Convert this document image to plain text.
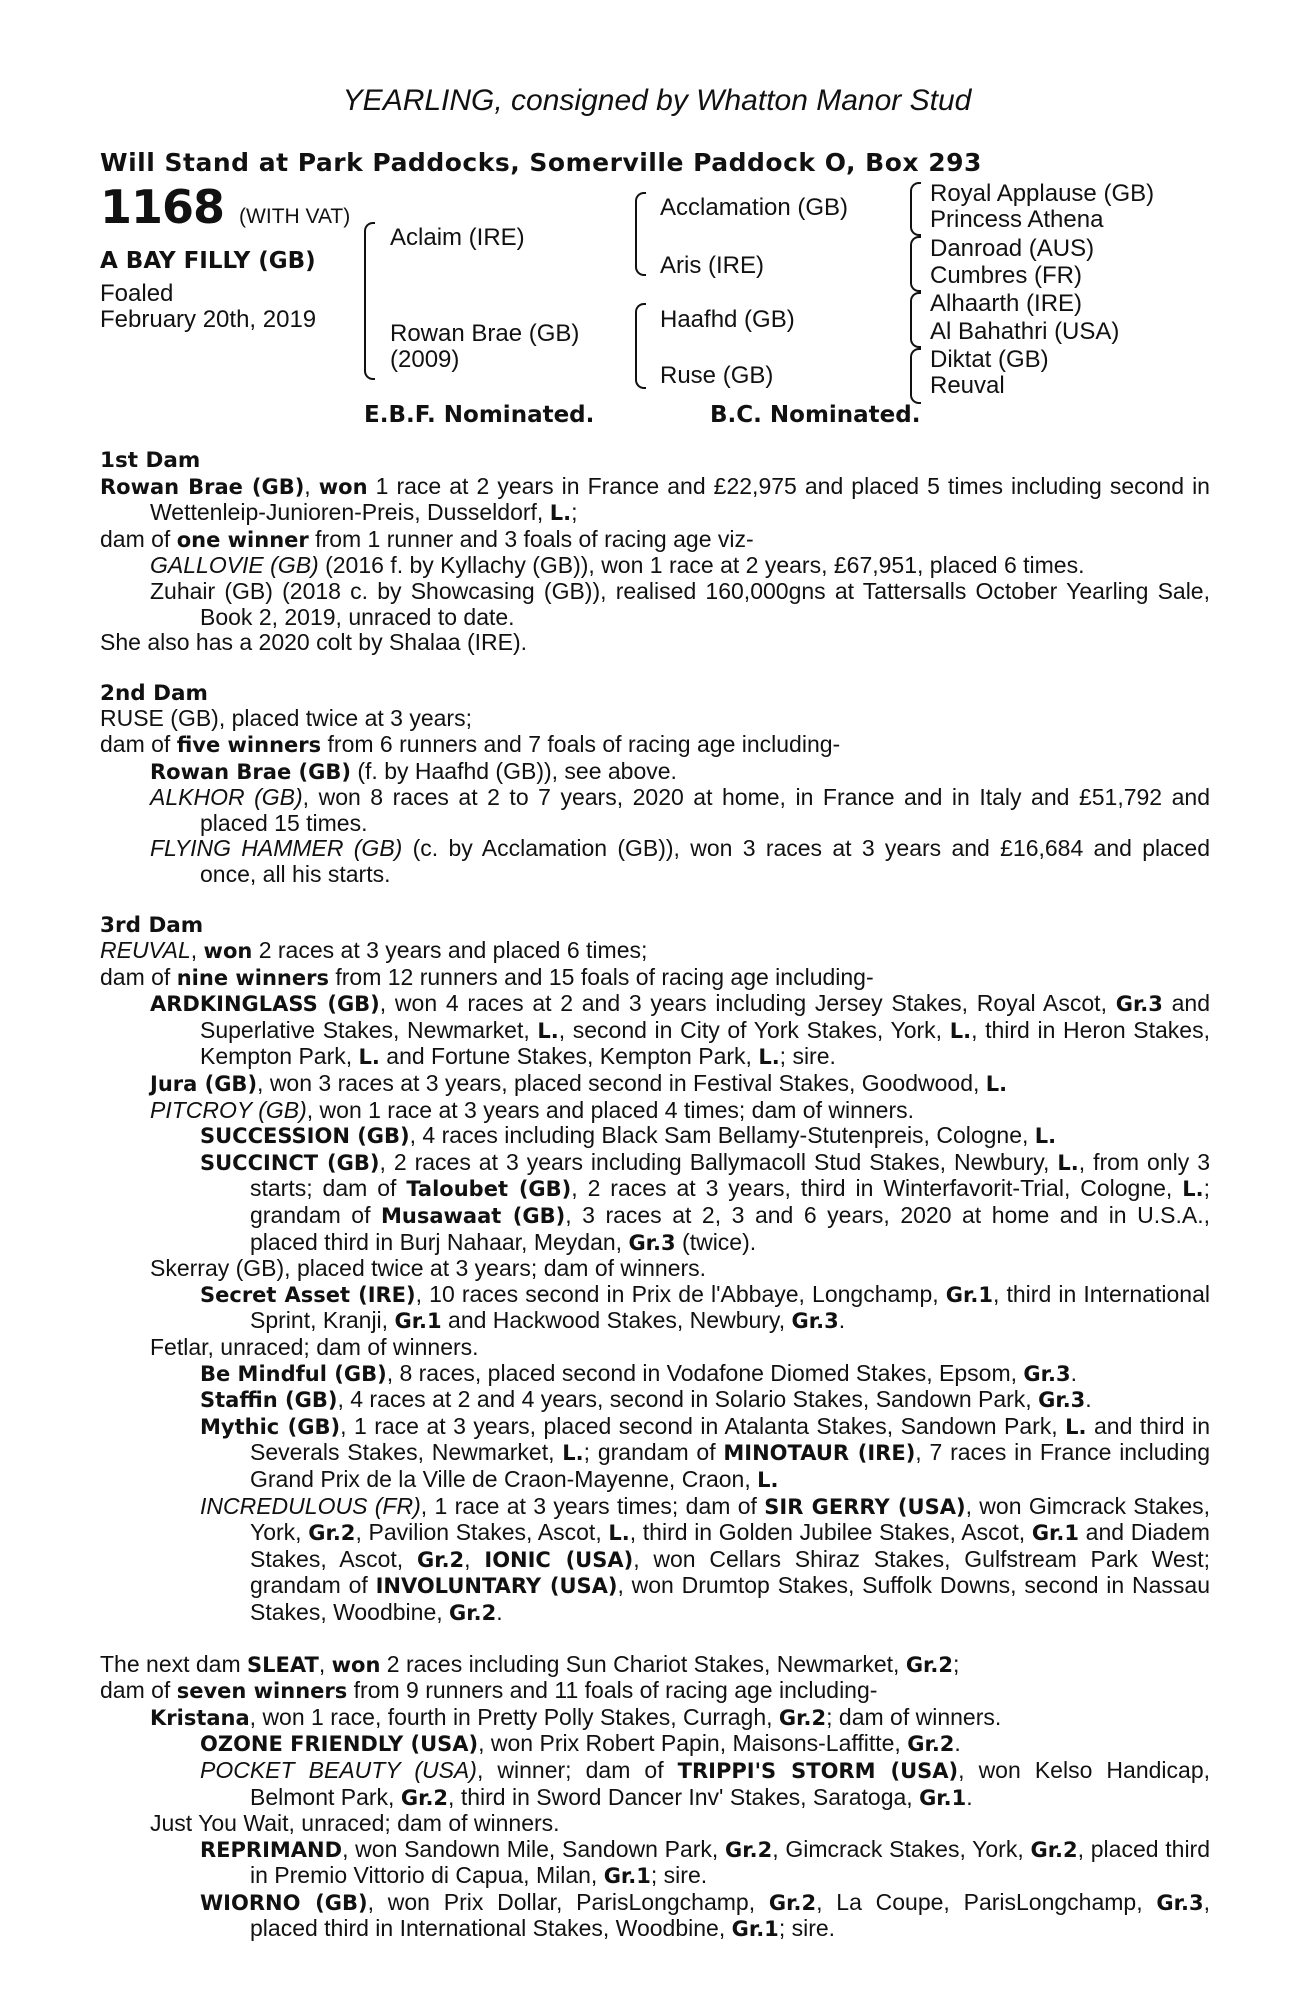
YEARLING, consigned by Whatton Manor Stud
Will Stand at Park Paddocks, Somerville Paddock O, Box 293
1168 (WITH VAT)
A BAY FILLY (GB)
Foaled
February 20th, 2019
Aclaim (IRE)
Rowan Brae (GB)
(2009)
Acclamation (GB)
Aris (IRE)
Haafhd (GB)
Ruse (GB)
Royal Applause (GB)
Princess Athena
Danroad (AUS)
Cumbres (FR)
Alhaarth (IRE)
Al Bahathri (USA)
Diktat (GB)
Reuval
E.B.F. Nominated.	B.C. Nominated.
1st Dam
Rowan Brae (GB), won 1 race at 2 years in France and £22,975 and placed 5 times including second in Wettenleip-Junioren-Preis, Dusseldorf, L.;
dam of one winner from 1 runner and 3 foals of racing age viz-
GALLOVIE (GB) (2016 f. by Kyllachy (GB)), won 1 race at 2 years, £67,951, placed 6 times.
Zuhair (GB) (2018 c. by Showcasing (GB)), realised 160,000gns at Tattersalls October Yearling Sale, Book 2, 2019, unraced to date.
She also has a 2020 colt by Shalaa (IRE).
2nd Dam
RUSE (GB), placed twice at 3 years;
dam of five winners from 6 runners and 7 foals of racing age including-
Rowan Brae (GB) (f. by Haafhd (GB)), see above.
ALKHOR (GB), won 8 races at 2 to 7 years, 2020 at home, in France and in Italy and £51,792 and placed 15 times.
FLYING HAMMER (GB) (c. by Acclamation (GB)), won 3 races at 3 years and £16,684 and placed once, all his starts.
3rd Dam
REUVAL, won 2 races at 3 years and placed 6 times;
dam of nine winners from 12 runners and 15 foals of racing age including-
ARDKINGLASS (GB), won 4 races at 2 and 3 years including Jersey Stakes, Royal Ascot, Gr.3 and Superlative Stakes, Newmarket, L., second in City of York Stakes, York, L., third in Heron Stakes, Kempton Park, L. and Fortune Stakes, Kempton Park, L.; sire.
Jura (GB), won 3 races at 3 years, placed second in Festival Stakes, Goodwood, L.
PITCROY (GB), won 1 race at 3 years and placed 4 times; dam of winners.
SUCCESSION (GB), 4 races including Black Sam Bellamy-Stutenpreis, Cologne, L.
SUCCINCT (GB), 2 races at 3 years including Ballymacoll Stud Stakes, Newbury, L., from only 3 starts; dam of Taloubet (GB), 2 races at 3 years, third in Winterfavorit-Trial, Cologne, L.; grandam of Musawaat (GB), 3 races at 2, 3 and 6 years, 2020 at home and in U.S.A., placed third in Burj Nahaar, Meydan, Gr.3 (twice).
Skerray (GB), placed twice at 3 years; dam of winners.
Secret Asset (IRE), 10 races second in Prix de l'Abbaye, Longchamp, Gr.1, third in International Sprint, Kranji, Gr.1 and Hackwood Stakes, Newbury, Gr.3.
Fetlar, unraced; dam of winners.
Be Mindful (GB), 8 races, placed second in Vodafone Diomed Stakes, Epsom, Gr.3.
Staffin (GB), 4 races at 2 and 4 years, second in Solario Stakes, Sandown Park, Gr.3.
Mythic (GB), 1 race at 3 years, placed second in Atalanta Stakes, Sandown Park, L. and third in Severals Stakes, Newmarket, L.; grandam of MINOTAUR (IRE), 7 races in France including Grand Prix de la Ville de Craon-Mayenne, Craon, L.
INCREDULOUS (FR), 1 race at 3 years times; dam of SIR GERRY (USA), won Gimcrack Stakes, York, Gr.2, Pavilion Stakes, Ascot, L., third in Golden Jubilee Stakes, Ascot, Gr.1 and Diadem Stakes, Ascot, Gr.2, IONIC (USA), won Cellars Shiraz Stakes, Gulfstream Park West; grandam of INVOLUNTARY (USA), won Drumtop Stakes, Suffolk Downs, second in Nassau Stakes, Woodbine, Gr.2.
The next dam SLEAT, won 2 races including Sun Chariot Stakes, Newmarket, Gr.2;
dam of seven winners from 9 runners and 11 foals of racing age including-
Kristana, won 1 race, fourth in Pretty Polly Stakes, Curragh, Gr.2; dam of winners.
OZONE FRIENDLY (USA), won Prix Robert Papin, Maisons-Laffitte, Gr.2.
POCKET BEAUTY (USA), winner; dam of TRIPPI'S STORM (USA), won Kelso Handicap, Belmont Park, Gr.2, third in Sword Dancer Inv' Stakes, Saratoga, Gr.1.
Just You Wait, unraced; dam of winners.
REPRIMAND, won Sandown Mile, Sandown Park, Gr.2, Gimcrack Stakes, York, Gr.2, placed third in Premio Vittorio di Capua, Milan, Gr.1; sire.
WIORNO (GB), won Prix Dollar, ParisLongchamp, Gr.2, La Coupe, ParisLongchamp, Gr.3, placed third in International Stakes, Woodbine, Gr.1; sire.
